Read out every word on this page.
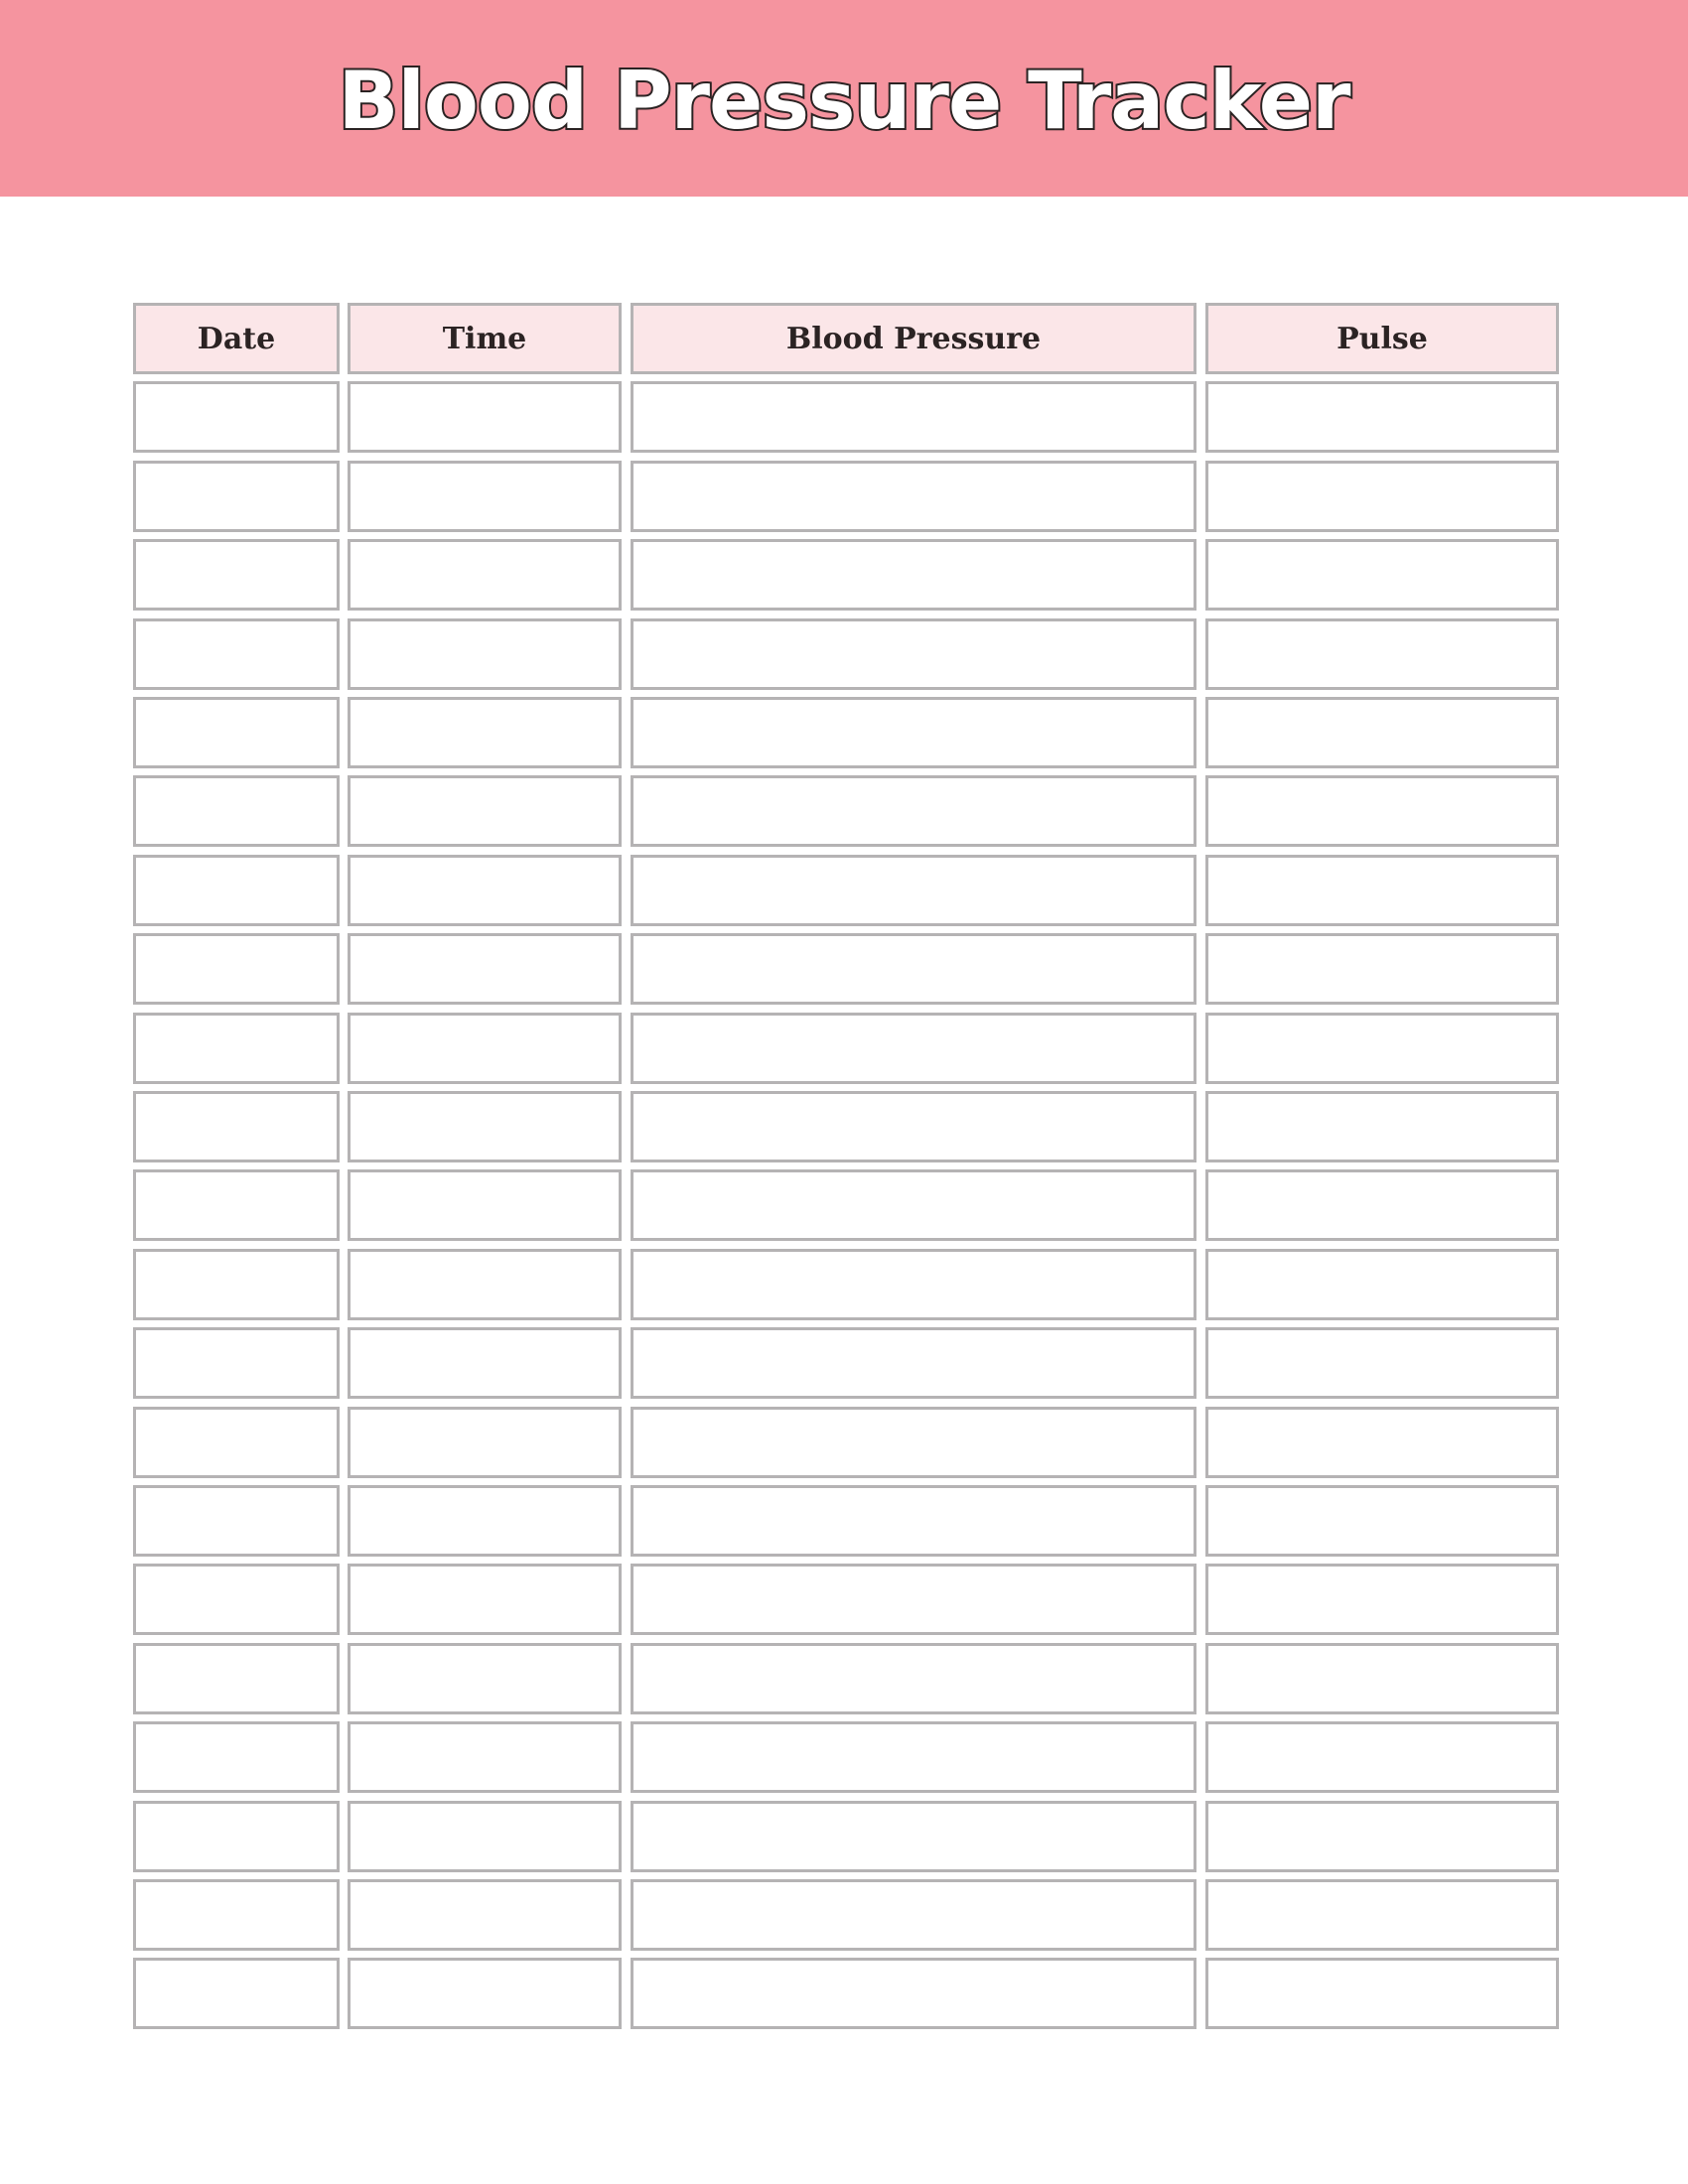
Blood Pressure Tracker
Date	Time	Blood Pressure	Pulse
